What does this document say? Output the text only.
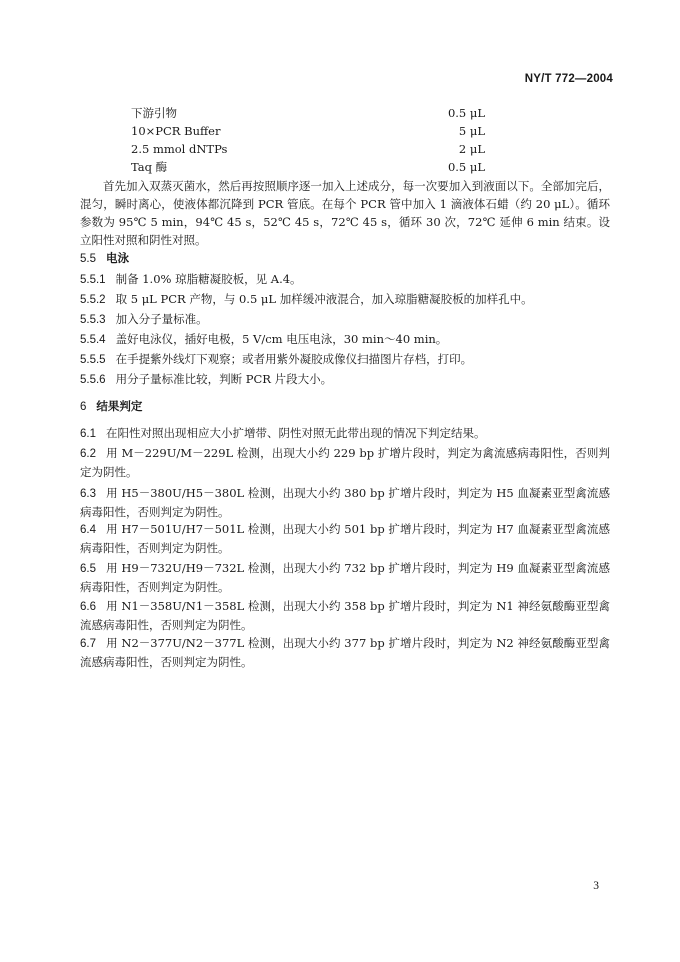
NY/T 772—2004
下游引物	0.5 μL
10×PCR Buffer	5 μL
2.5 mmol dNTPs	2 μL
Taq 酶	0.5 μL
首先加入双蒸灭菌水，然后再按照顺序逐一加入上述成分，每一次要加入到液面以下。全部加完后，混匀，瞬时离心，使液体都沉降到 PCR 管底。在每个 PCR 管中加入 1 滴液体石蜡（约 20 μL）。循环参数为 95℃ 5 min，94℃ 45 s，52℃ 45 s，72℃ 45 s，循环 30 次，72℃ 延伸 6 min 结束。设立阳性对照和阴性对照。
5.5 电泳
5.5.1 制备 1.0% 琼脂糖凝胶板，见 A.4。
5.5.2 取 5 μL PCR 产物，与 0.5 μL 加样缓冲液混合，加入琼脂糖凝胶板的加样孔中。
5.5.3 加入分子量标准。
5.5.4 盖好电泳仪，插好电极，5 V/cm 电压电泳，30 min～40 min。
5.5.5 在手提紫外线灯下观察；或者用紫外凝胶成像仪扫描图片存档，打印。
5.5.6 用分子量标准比较，判断 PCR 片段大小。
6 结果判定
6.1 在阳性对照出现相应大小扩增带、阴性对照无此带出现的情况下判定结果。
6.2 用 M－229U/M－229L 检测，出现大小约 229 bp 扩增片段时，判定为禽流感病毒阳性，否则判定为阴性。
6.3 用 H5－380U/H5－380L 检测，出现大小约 380 bp 扩增片段时，判定为 H5 血凝素亚型禽流感病毒阳性，否则判定为阴性。
6.4 用 H7－501U/H7－501L 检测，出现大小约 501 bp 扩增片段时，判定为 H7 血凝素亚型禽流感病毒阳性，否则判定为阴性。
6.5 用 H9－732U/H9－732L 检测，出现大小约 732 bp 扩增片段时，判定为 H9 血凝素亚型禽流感病毒阳性，否则判定为阴性。
6.6 用 N1－358U/N1－358L 检测，出现大小约 358 bp 扩增片段时，判定为 N1 神经氨酸酶亚型禽流感病毒阳性，否则判定为阴性。
6.7 用 N2－377U/N2－377L 检测，出现大小约 377 bp 扩增片段时，判定为 N2 神经氨酸酶亚型禽流感病毒阳性，否则判定为阴性。
3
